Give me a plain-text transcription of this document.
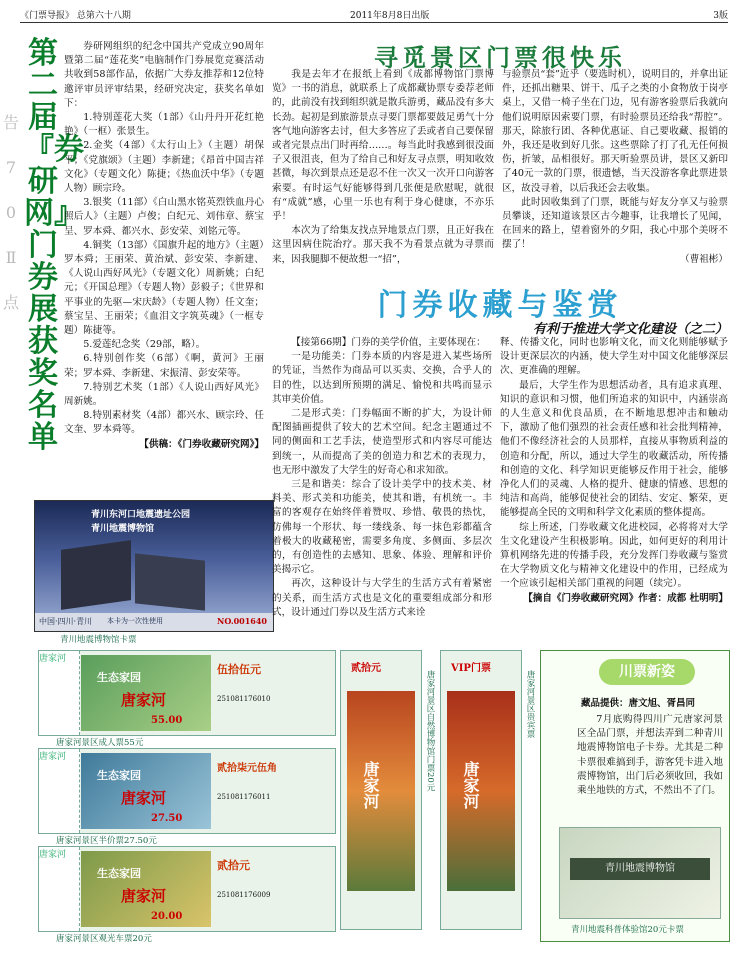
《门票导报》 总第六十八期	2011年8月8日出版	3版
告
7
0
Ⅱ
点
第二届『券研网』门券展获奖名单

券研网组织的纪念中国共产党成立90周年暨第二届“莲花奖”电脑制作门券展览竞赛活动共收到58部作品，依据广大券友推荐和12位特邀评审员评审结果，经研究决定，获奖名单如下：

1.特别莲花大奖（1部）《山丹丹开花红艳艳》（一框）张景生。

2.金奖（4部）《太行山上》（主题）胡保平；《党旗颂》（主题）李新建；《昂首中国吉祥文化》（专题文化）陈捷；《热血沃中华》（专题人物）顾宗玲。

3.银奖（11部）《白山黑水铭英烈铁血丹心照后人》（主题）卢俊；白纪元、刘伟章、蔡宝呈、罗本舜、都兴水、彭安荣、刘铭元等。

4.铜奖（13部）《国旗升起的地方》（主题）罗本舜；王丽荣、黄治斌、彭安荣、李新建、《人说山西好风光》（专题文化）周新姚；白纪元；《开国总理》（专题人物）彭毅子；《世界和平事业的先驱—宋庆龄》（专题人物）任文奎；蔡宝呈、王丽荣；《血泪文字筑英魂》（一框专题）陈捷等。

5.爱莲纪念奖（29部，略）。

6.特别创作奖（6部）《啊，黄河》王丽荣；罗本舜、李新建、宋振清、彭安荣等。

7.特别艺术奖（1部）《人说山西好风光》周新姚。

8.特别素材奖（4部）都兴水、顾宗玲、任文奎、罗本舜等。

【供稿：《门券收藏研究网》】

青川东河口地震遗址公园
青川地震博物馆
中国·四川·青川 本卡为一次性使用	NO.001640
青川地震博物馆卡票
寻觅景区门票很快乐

我是去年才在报纸上看到《成都博物馆门票博览》一书的消息，就联系上了成都藏协票专委荐老师的，此前没有找到组织就是散兵游勇，藏品没有多大长劲。起初是到旅游景点寻要门票都要鼓足勇气十分客气地向游客去讨，但大多答应了丢或者自己要保留或者完景点出门时再给……。每当此时我感到很没面子又很沮丧，但为了给自己和好友寻点票，明知收效甚微，每次到景点还是忍不住一次又一次开口向游客索要。有时运气好能够得到几张便是欣慰呢，就很有“成就”感，心里一乐也有利于身心健康，不亦乐乎！

本次为了给集友找点异地景点门票，且正好我在这里因病住院治疗。那天我不为看景点就为寻票而来，因我腿脚不便故想一“招”，

与验票员“套”近乎（要选时机），说明目的，并拿出证件，还抓出糖果、饼干、瓜子之类的小食物放于岗亭桌上，又借一椅子坐在门边，见有游客验票后我就向他们说明原因索要门票，有时验票员还给我“帮腔”。那天，除旅行团、各种优惠证、自己要收藏、报销的外，我还是收到好几张。这些票除了打了孔无任何损伤，折皱，品相很好。那天听验票员讲，景区又新印了40元一款的门票，很遗憾，当天没游客拿此票进景区，故没寻着，以后我还会去收集。

此时因收集到了门票，既能与好友分享又与验票员攀谈，还知道该景区古今趣事，让我增长了见闻，在回来的路上，望着窗外的夕阳，我心中那个美呀不摆了！

（曹祖彬）

门券收藏与鉴赏
有利于推进大学文化建设（之二）

【接第66期】门券的美学价值，主要体现在：

一是功能美：门券本质的内容是进入某些场所的凭证，当然作为商品可以买卖、交换，合乎人的目的性，以达到所预期的满足、愉悦和共鸣而显示其审美价值。

二是形式美：门券幅面不断的扩大，为设计师配图插画提供了较大的艺术空间。纪念主题通过不同的侧面和工艺手法，使造型形式和内容尽可能达到统一，从而提高了美的创造力和艺术的表现力，也无形中激发了大学生的好奇心和求知欲。

三是和谐美：综合了设计美学中的技术美、材料美、形式美和功能美，使其和谐，有机统一。丰富的客观存在始终伴着赞叹、珍惜、敬畏的热忱，仿佛每一个形状、每一缕线条、每一抹色彩都蕴含着极大的收藏秘密，需要多角度、多侧面、多层次的，有创造性的去感知、思象、体验、理解和评价美揭示它。

再次，这种设计与大学生的生活方式有着紧密的关系，而生活方式也是文化的重要组成部分和形式，设计通过门券以及生活方式来诠

释、传播文化，同时也影响文化，而文化则能够赋予设计更深层次的内涵，使大学生对中国文化能够深层次、更准确的理解。

最后，大学生作为思想活动者，具有追求真理、知识的意识和习惯，他们所追求的知识中，内涵崇高的人生意义和优良品质，在不断地思想冲击和触动下，激励了他们强烈的社会责任感和社会批判精神，他们不像经济社会的人员那样，直接从事物质利益的创造和分配，所以，通过大学生的收藏活动，所传播和创造的文化、科学知识更能够反作用于社会，能够净化人们的灵魂、人格的提升、健康的情感、思想的纯洁和高尚，能够促使社会的团结、安定、繁荣，更能够提高全民的文明和科学文化素质的整体提高。

综上所述，门券收藏文化进校园，必将将对大学生文化建设产生积极影响。因此，如何更好的利用计算机网络先进的传播手段，充分发挥门券收藏与鉴赏在大学物质文化与精神文化建设中的作用，已经成为一个应该引起相关部门重视的问题（续完）。

【摘自《门券收藏研究网》作者：成都 杜明明】

唐家河
生态家园
唐家河
55.00
伍拾伍元
251081176010
唐家河景区成人票55元
唐家河
生态家园
唐家河
27.50
贰拾柒元伍角
251081176011
唐家河景区半价票27.50元
唐家河
生态家园
唐家河
20.00
贰拾元
251081176009
唐家河景区观光车票20元
贰拾元
唐家河	唐家河景区自然博物馆门票20元
VIP门票
唐家河
唐家河景区贵宾票	川票新姿
藏品提供：唐文旭、胥昌同
7月底购得四川广元唐家河景区全品门票，并想法弄到二种青川地震博物馆电子卡券。尤其是二种卡票很难搞到手，游客凭卡进入地震博物馆，出门后必须收回，我如乘坐地铁的方式，不然出不了门。
青川地震博物馆
青川地震科普体验馆20元卡票
